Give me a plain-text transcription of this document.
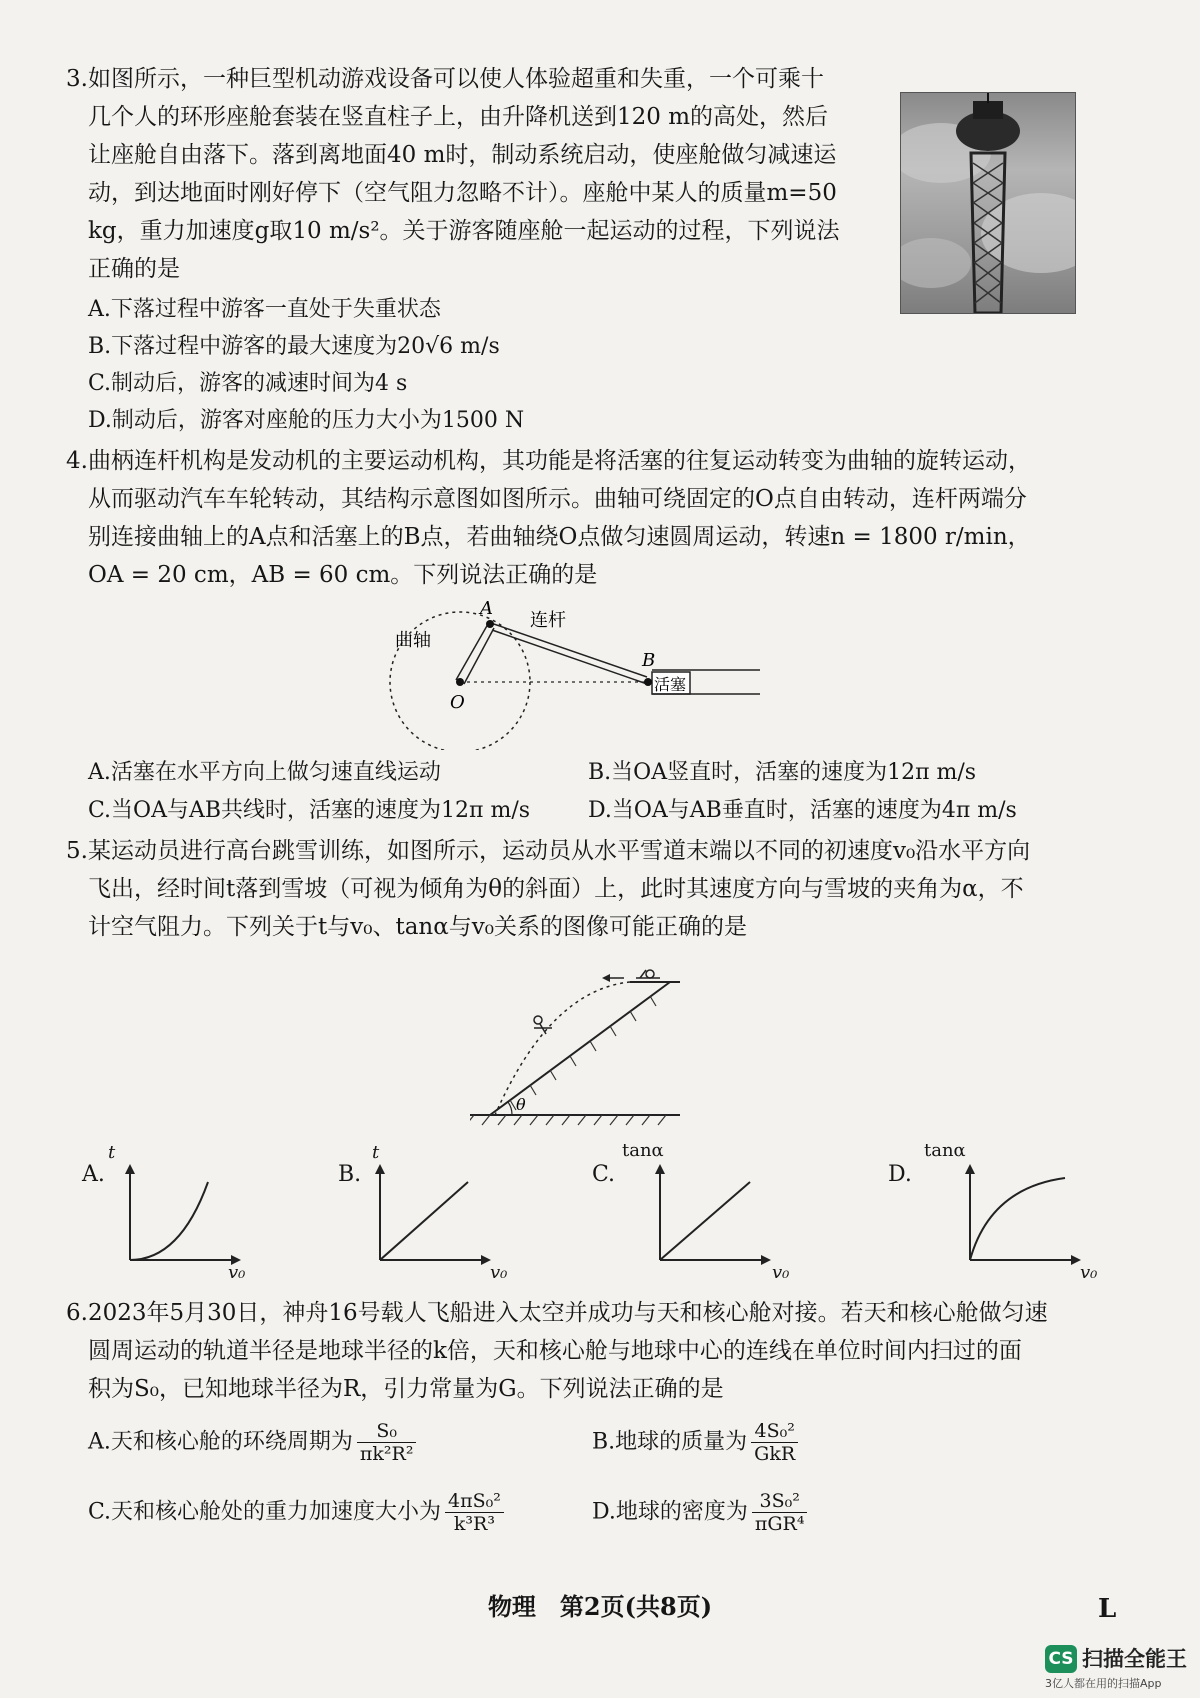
3.如图所示，一种巨型机动游戏设备可以使人体验超重和失重，一个可乘十
几个人的环形座舱套装在竖直柱子上，由升降机送到120 m的高处，然后
让座舱自由落下。落到离地面40 m时，制动系统启动，使座舱做匀减速运
动，到达地面时刚好停下（空气阻力忽略不计）。座舱中某人的质量m=50
kg，重力加速度g取10 m/s²。关于游客随座舱一起运动的过程，下列说法
正确的是
A.下落过程中游客一直处于失重状态
B.下落过程中游客的最大速度为20√6 m/s
C.制动后，游客的减速时间为4 s
D.制动后，游客对座舱的压力大小为1500 N
4.曲柄连杆机构是发动机的主要运动机构，其功能是将活塞的往复运动转变为曲轴的旋转运动，
从而驱动汽车车轮转动，其结构示意图如图所示。曲轴可绕固定的O点自由转动，连杆两端分
别连接曲轴上的A点和活塞上的B点，若曲轴绕O点做匀速圆周运动，转速n = 1800 r/min，
OA = 20 cm，AB = 60 cm。下列说法正确的是
A
O
B
曲轴
连杆
活塞
A.活塞在水平方向上做匀速直线运动	B.当OA竖直时，活塞的速度为12π m/s
C.当OA与AB共线时，活塞的速度为12π m/s	D.当OA与AB垂直时，活塞的速度为4π m/s
5.某运动员进行高台跳雪训练，如图所示，运动员从水平雪道末端以不同的初速度v₀沿水平方向
飞出，经时间t落到雪坡（可视为倾角为θ的斜面）上，此时其速度方向与雪坡的夹角为α，不
计空气阻力。下列关于t与v₀、tanα与v₀关系的图像可能正确的是
θ
A.
t
v₀
B.
t
v₀
C.
tanα
v₀
D.
tanα
v₀
6.2023年5月30日，神舟16号载人飞船进入太空并成功与天和核心舱对接。若天和核心舱做匀速
圆周运动的轨道半径是地球半径的k倍，天和核心舱与地球中心的连线在单位时间内扫过的面
积为S₀，已知地球半径为R，引力常量为G。下列说法正确的是
A.天和核心舱的环绕周期为 $\frac{\text{S₀}}{\text{πk²R²}}$	B.地球的质量为 $\frac{\text{4S₀²}}{\text{GkR}}$
C.天和核心舱处的重力加速度大小为 $\frac{\text{4πS₀²}}{\text{k³R³}}$	D.地球的密度为 $\frac{\text{3S₀²}}{\text{πGR⁴}}$
物理　第2页(共8页)	L
CS 扫描全能王
3亿人都在用的扫描App
